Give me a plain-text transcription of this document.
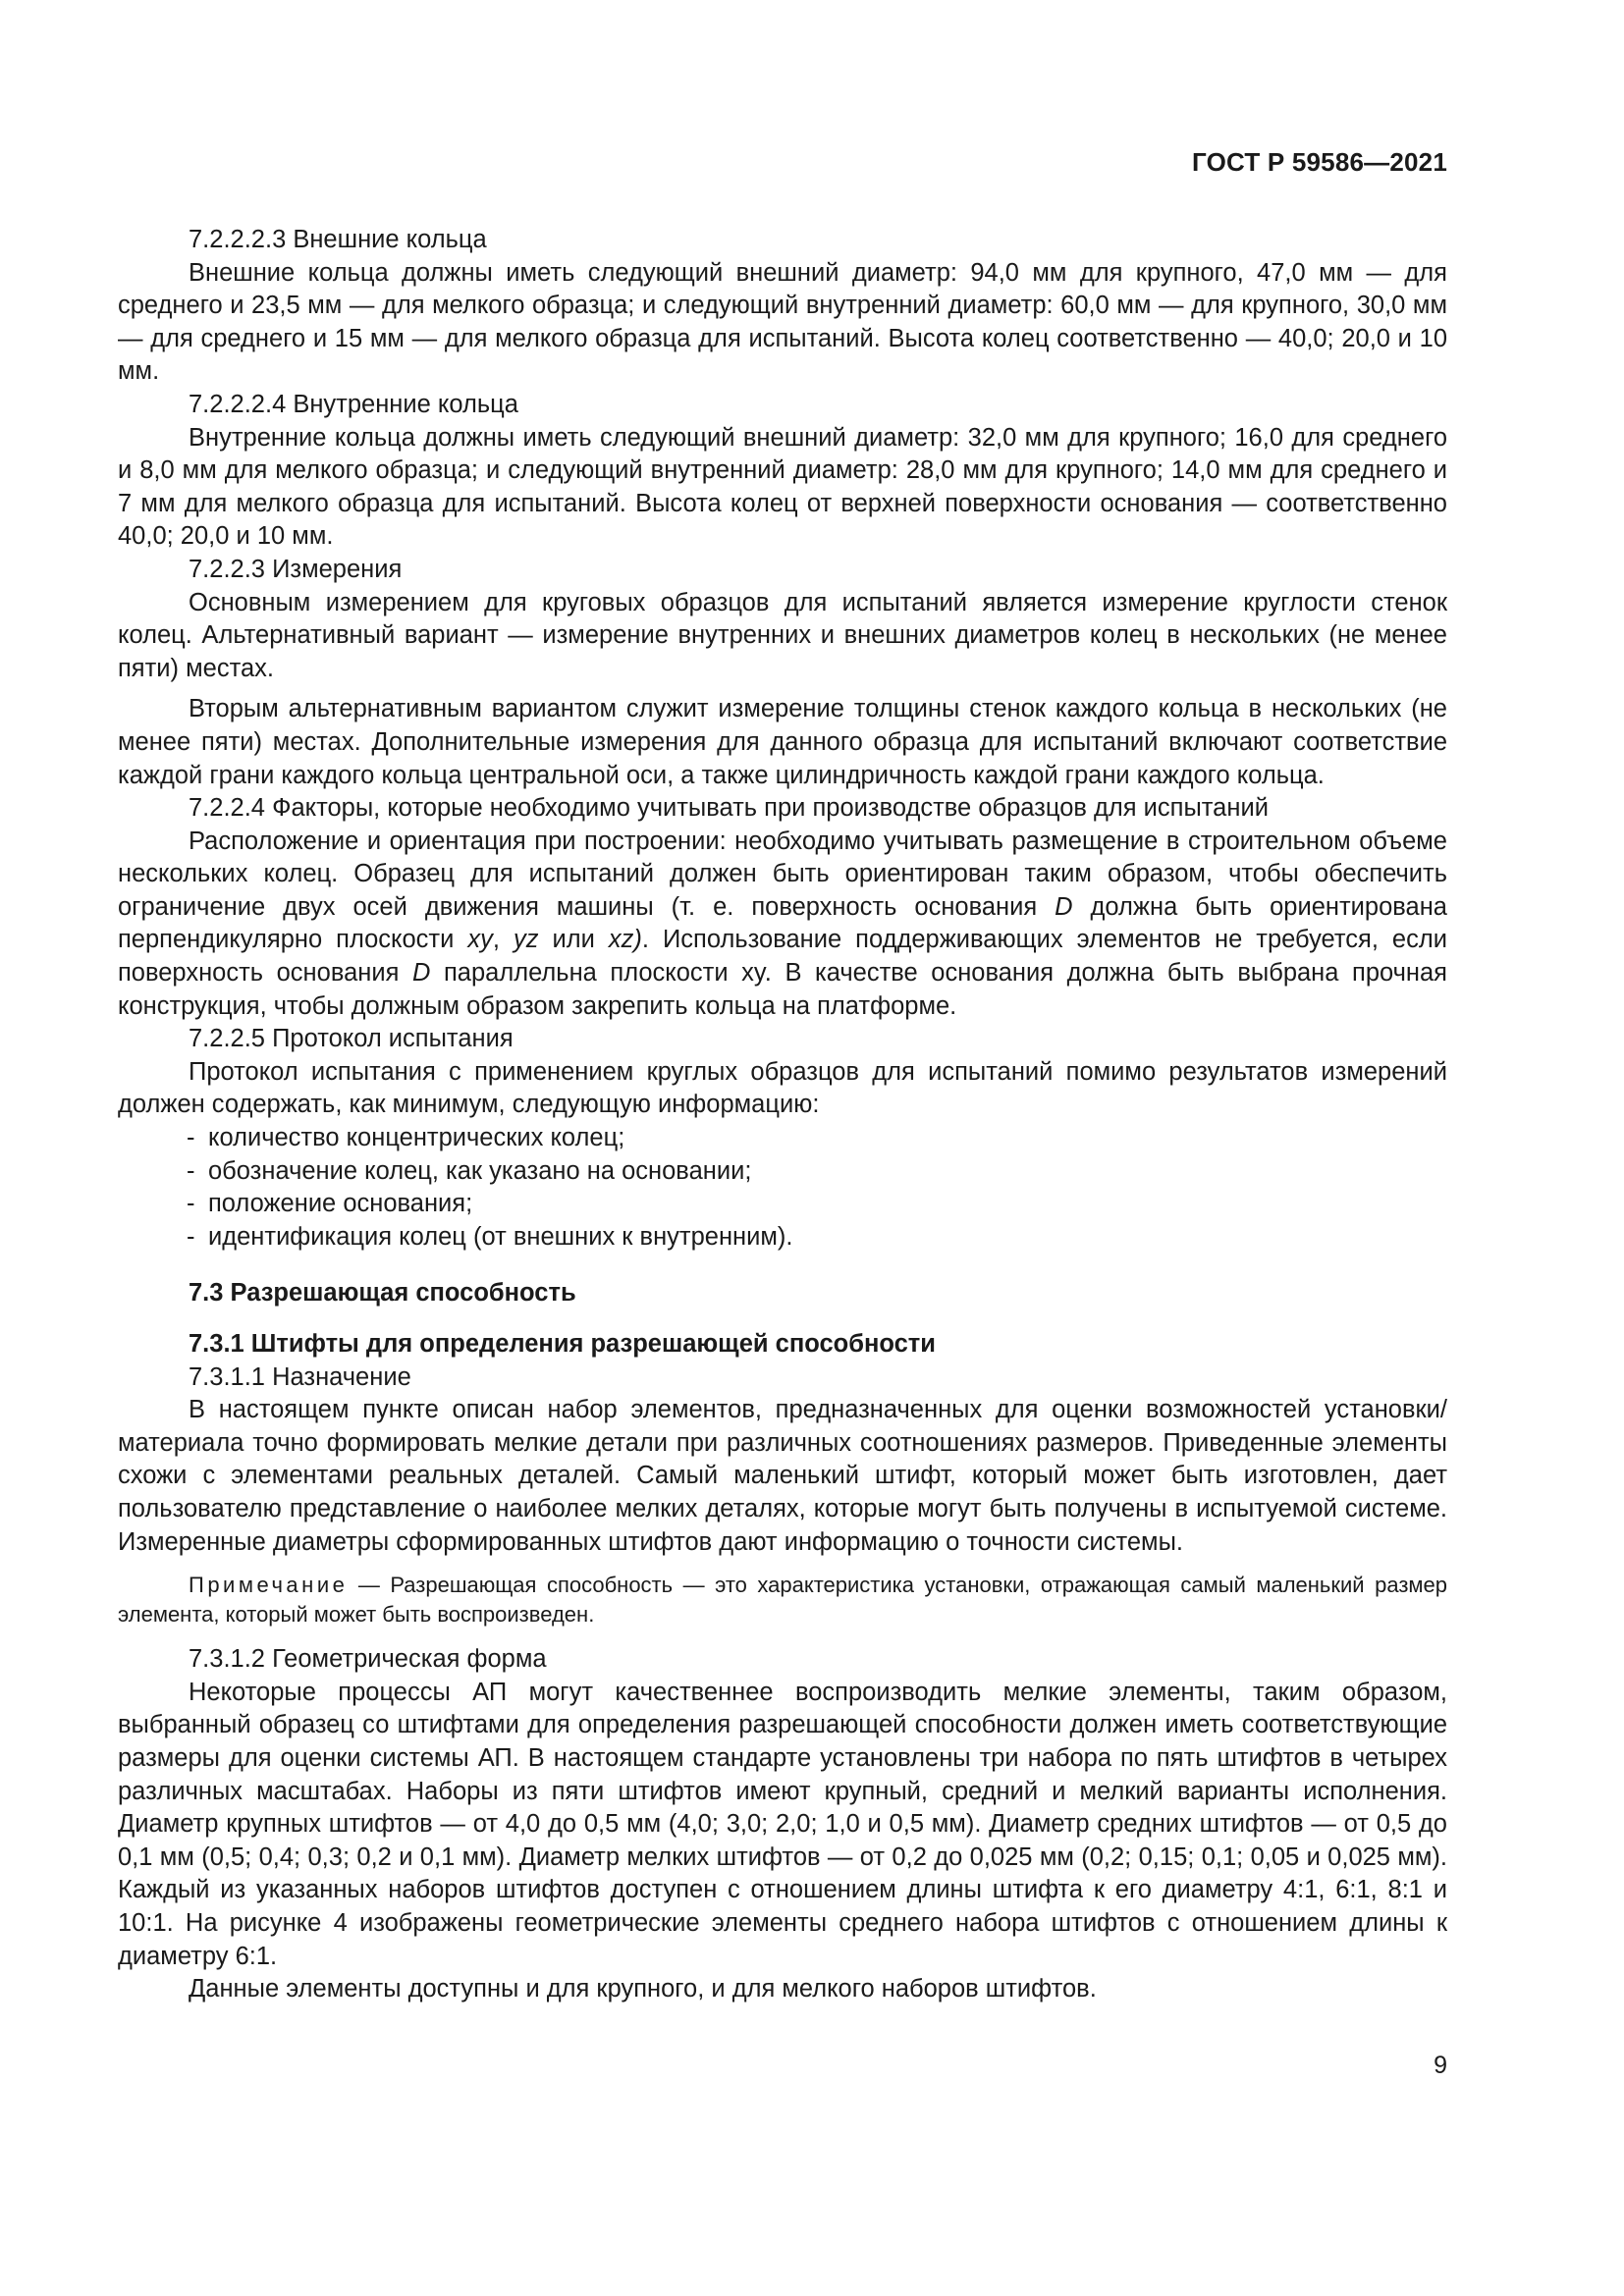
ГОСТ Р 59586—2021

7.2.2.2.3 Внешние кольца

Внешние кольца должны иметь следующий внешний диаметр: 94,0 мм для крупного, 47,0 мм — для среднего и 23,5 мм — для мелкого образца; и следующий внутренний диаметр: 60,0 мм — для крупного, 30,0 мм — для среднего и 15 мм — для мелкого образца для испытаний. Высота колец соответственно — 40,0; 20,0 и 10 мм.

7.2.2.2.4 Внутренние кольца

Внутренние кольца должны иметь следующий внешний диаметр: 32,0 мм для крупного; 16,0 для среднего и 8,0 мм для мелкого образца; и следующий внутренний диаметр: 28,0 мм для крупного; 14,0 мм для среднего и 7 мм для мелкого образца для испытаний. Высота колец от верхней поверхности основания — соответственно 40,0; 20,0 и 10 мм.

7.2.2.3 Измерения

Основным измерением для круговых образцов для испытаний является измерение круглости стенок колец. Альтернативный вариант — измерение внутренних и внешних диаметров колец в нескольких (не менее пяти) местах.

Вторым альтернативным вариантом служит измерение толщины стенок каждого кольца в нескольких (не менее пяти) местах. Дополнительные измерения для данного образца для испытаний включают соответствие каждой грани каждого кольца центральной оси, а также цилиндричность каждой грани каждого кольца.

7.2.2.4 Факторы, которые необходимо учитывать при производстве образцов для испытаний

Расположение и ориентация при построении: необходимо учитывать размещение в строительном объеме нескольких колец. Образец для испытаний должен быть ориентирован таким образом, чтобы обеспечить ограничение двух осей движения машины (т. е. поверхность основания D должна быть ориентирована перпендикулярно плоскости xy, yz или xz). Использование поддерживающих элементов не требуется, если поверхность основания D параллельна плоскости xy. В качестве основания должна быть выбрана прочная конструкция, чтобы должным образом закрепить кольца на платформе.

7.2.2.5 Протокол испытания

Протокол испытания с применением круглых образцов для испытаний помимо результатов измерений должен содержать, как минимум, следующую информацию:

- количество концентрических колец;
- обозначение колец, как указано на основании;
- положение основания;
- идентификация колец (от внешних к внутренним).

7.3 Разрешающая способность

7.3.1 Штифты для определения разрешающей способности

7.3.1.1 Назначение

В настоящем пункте описан набор элементов, предназначенных для оценки возможностей установки/материала точно формировать мелкие детали при различных соотношениях размеров. Приведенные элементы схожи с элементами реальных деталей. Самый маленький штифт, который может быть изготовлен, дает пользователю представление о наиболее мелких деталях, которые могут быть получены в испытуемой системе. Измеренные диаметры сформированных штифтов дают информацию о точности системы.

Примечание — Разрешающая способность — это характеристика установки, отражающая самый маленький размер элемента, который может быть воспроизведен.

7.3.1.2 Геометрическая форма

Некоторые процессы АП могут качественнее воспроизводить мелкие элементы, таким образом, выбранный образец со штифтами для определения разрешающей способности должен иметь соответствующие размеры для оценки системы АП. В настоящем стандарте установлены три набора по пять штифтов в четырех различных масштабах. Наборы из пяти штифтов имеют крупный, средний и мелкий варианты исполнения. Диаметр крупных штифтов — от 4,0 до 0,5 мм (4,0; 3,0; 2,0; 1,0 и 0,5 мм). Диаметр средних штифтов — от 0,5 до 0,1 мм (0,5; 0,4; 0,3; 0,2 и 0,1 мм). Диаметр мелких штифтов — от 0,2 до 0,025 мм (0,2; 0,15; 0,1; 0,05 и 0,025 мм). Каждый из указанных наборов штифтов доступен с отношением длины штифта к его диаметру 4:1, 6:1, 8:1 и 10:1. На рисунке 4 изображены геометрические элементы среднего набора штифтов с отношением длины к диаметру 6:1.

Данные элементы доступны и для крупного, и для мелкого наборов штифтов.

9
